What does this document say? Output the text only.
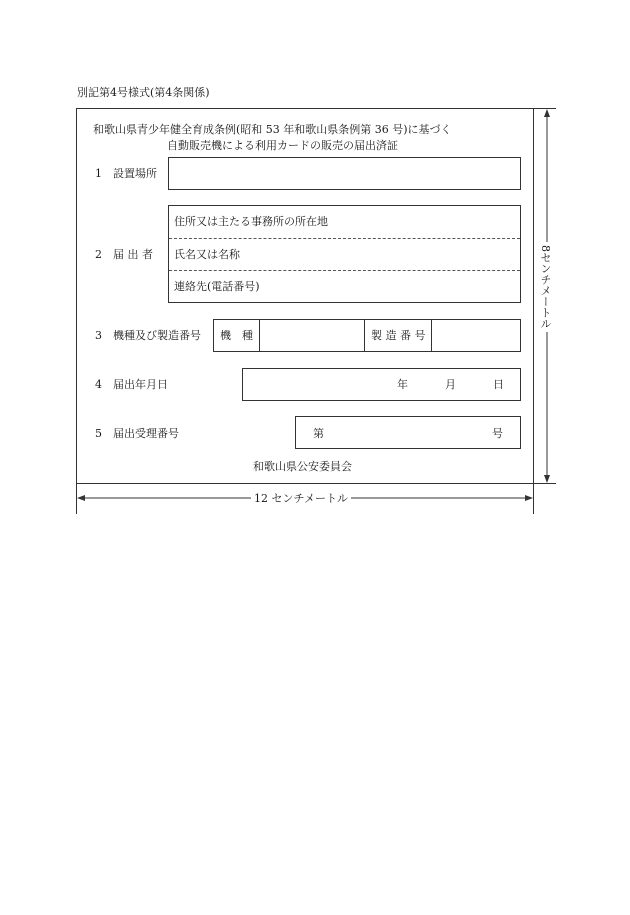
別記第4号様式(第4条関係)
和歌山県青少年健全育成条例(昭和 53 年和歌山県条例第 36 号)に基づく
自動販売機による利用カードの販売の届出済証
1　設置場所
2　届 出 者
住所又は主たる事務所の所在地
氏名又は名称
連絡先(電話番号)
3　機種及び製造番号 機　種	製 造 番 号
4　届出年月日	年	月	日
5　届出受理番号	第	号
和歌山県公安委員会
12 センチメートル
8センチメートル
